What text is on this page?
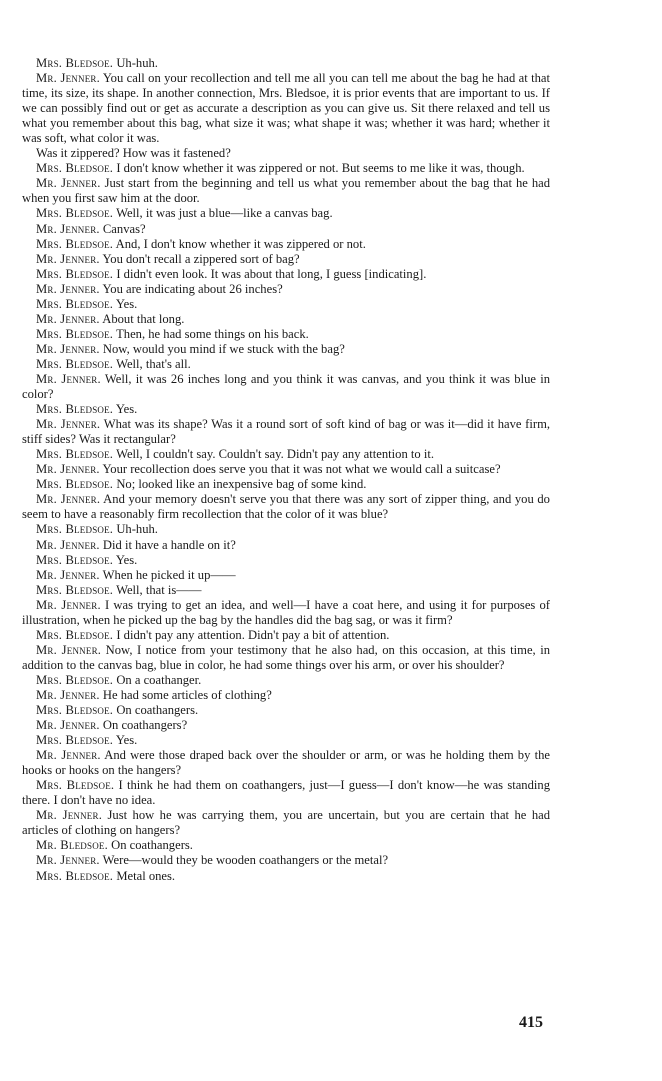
Mrs. Bledsoe. Uh-huh.

Mr. Jenner. You call on your recollection and tell me all you can tell me about the bag he had at that time, its size, its shape. In another connection, Mrs. Bledsoe, it is prior events that are important to us. If we can possibly find out or get as accurate a description as you can give us. Sit there relaxed and tell us what you remember about this bag, what size it was; what shape it was; whether it was hard; whether it was soft, what color it was.

Was it zippered? How was it fastened?

Mrs. Bledsoe. I don't know whether it was zippered or not. But seems to me like it was, though.

Mr. Jenner. Just start from the beginning and tell us what you remember about the bag that he had when you first saw him at the door.

Mrs. Bledsoe. Well, it was just a blue—like a canvas bag.

Mr. Jenner. Canvas?

Mrs. Bledsoe. And, I don't know whether it was zippered or not.

Mr. Jenner. You don't recall a zippered sort of bag?

Mrs. Bledsoe. I didn't even look. It was about that long, I guess [indicating].

Mr. Jenner. You are indicating about 26 inches?

Mrs. Bledsoe. Yes.

Mr. Jenner. About that long.

Mrs. Bledsoe. Then, he had some things on his back.

Mr. Jenner. Now, would you mind if we stuck with the bag?

Mrs. Bledsoe. Well, that's all.

Mr. Jenner. Well, it was 26 inches long and you think it was canvas, and you think it was blue in color?

Mrs. Bledsoe. Yes.

Mr. Jenner. What was its shape? Was it a round sort of soft kind of bag or was it—did it have firm, stiff sides? Was it rectangular?

Mrs. Bledsoe. Well, I couldn't say. Couldn't say. Didn't pay any attention to it.

Mr. Jenner. Your recollection does serve you that it was not what we would call a suitcase?

Mrs. Bledsoe. No; looked like an inexpensive bag of some kind.

Mr. Jenner. And your memory doesn't serve you that there was any sort of zipper thing, and you do seem to have a reasonably firm recollection that the color of it was blue?

Mrs. Bledsoe. Uh-huh.

Mr. Jenner. Did it have a handle on it?

Mrs. Bledsoe. Yes.

Mr. Jenner. When he picked it up——

Mrs. Bledsoe. Well, that is——

Mr. Jenner. I was trying to get an idea, and well—I have a coat here, and using it for purposes of illustration, when he picked up the bag by the handles did the bag sag, or was it firm?

Mrs. Bledsoe. I didn't pay any attention. Didn't pay a bit of attention.

Mr. Jenner. Now, I notice from your testimony that he also had, on this occasion, at this time, in addition to the canvas bag, blue in color, he had some things over his arm, or over his shoulder?

Mrs. Bledsoe. On a coathanger.

Mr. Jenner. He had some articles of clothing?

Mrs. Bledsoe. On coathangers.

Mr. Jenner. On coathangers?

Mrs. Bledsoe. Yes.

Mr. Jenner. And were those draped back over the shoulder or arm, or was he holding them by the hooks or hooks on the hangers?

Mrs. Bledsoe. I think he had them on coathangers, just—I guess—I don't know—he was standing there. I don't have no idea.

Mr. Jenner. Just how he was carrying them, you are uncertain, but you are certain that he had articles of clothing on hangers?

Mr. Bledsoe. On coathangers.

Mr. Jenner. Were—would they be wooden coathangers or the metal?

Mrs. Bledsoe. Metal ones.

415
